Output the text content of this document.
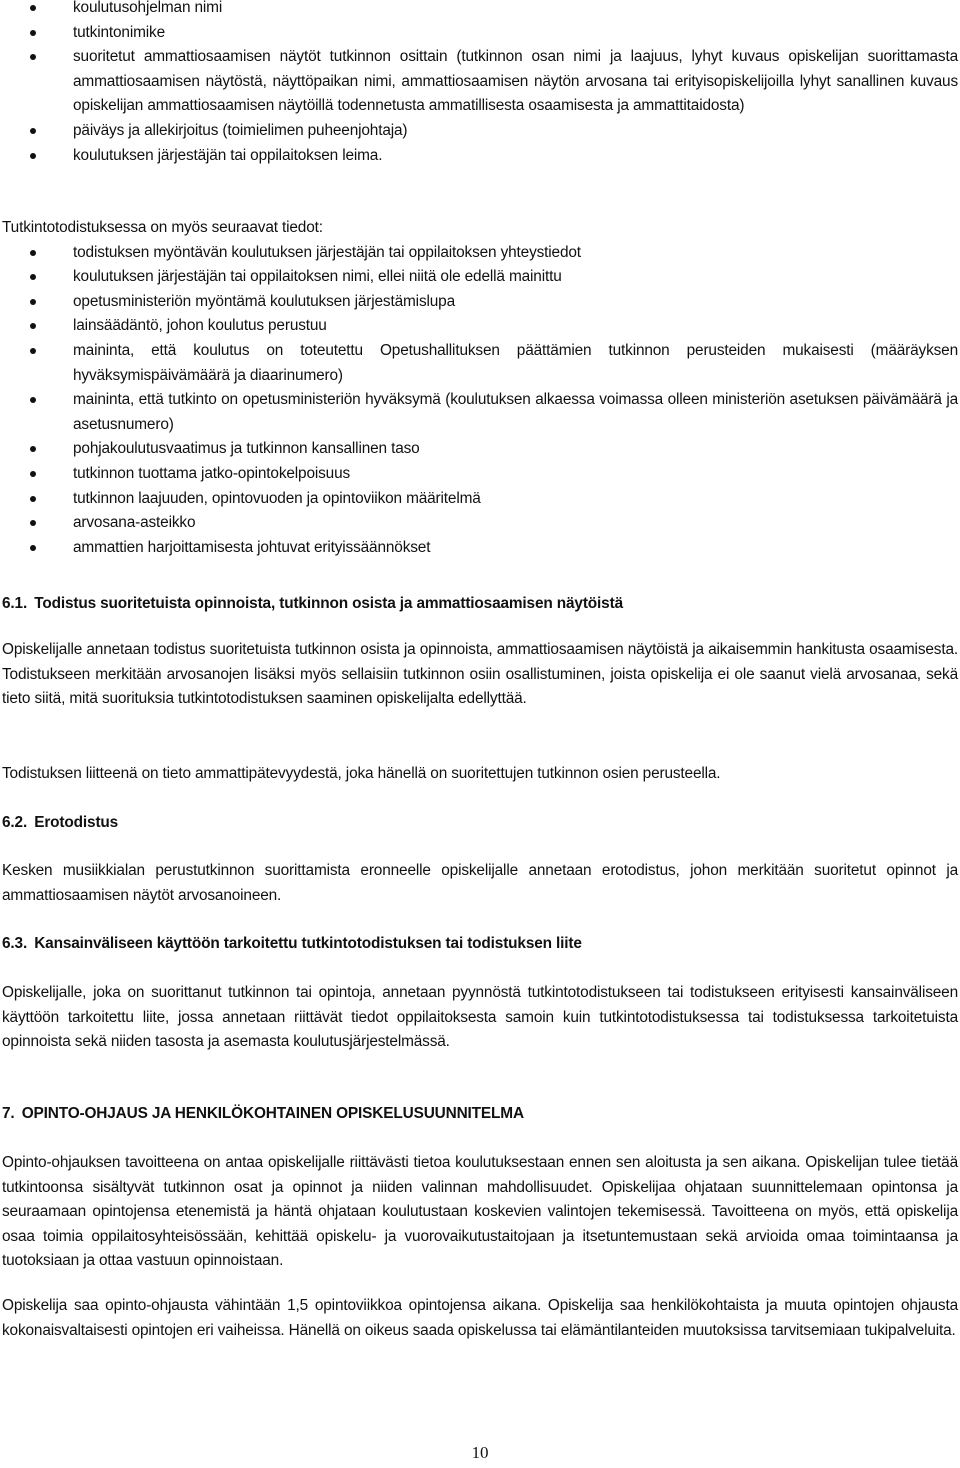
koulutusohjelman nimi
tutkintonimike
suoritetut ammattiosaamisen näytöt tutkinnon osittain (tutkinnon osan nimi ja laajuus, lyhyt kuvaus opiskelijan suorittamasta ammattiosaamisen näytöstä, näyttöpaikan nimi, ammattiosaamisen näytön arvosana tai erityisopiskelijoilla lyhyt sanallinen kuvaus opiskelijan ammattiosaamisen näytöillä todennetusta ammatillisesta osaamisesta ja ammattitaidosta)
päiväys ja allekirjoitus (toimielimen puheenjohtaja)
koulutuksen järjestäjän tai oppilaitoksen leima.

Tutkintotodistuksessa on myös seuraavat tiedot:

todistuksen myöntävän koulutuksen järjestäjän tai oppilaitoksen yhteystiedot
koulutuksen järjestäjän tai oppilaitoksen nimi, ellei niitä ole edellä mainittu
opetusministeriön myöntämä koulutuksen järjestämislupa
lainsäädäntö, johon koulutus perustuu
maininta, että koulutus on toteutettu Opetushallituksen päättämien tutkinnon perusteiden mukaisesti (määräyksen hyväksymispäivämäärä ja diaarinumero)
maininta, että tutkinto on opetusministeriön hyväksymä (koulutuksen alkaessa voimassa olleen ministeriön asetuksen päivämäärä ja asetusnumero)
pohjakoulutusvaatimus ja tutkinnon kansallinen taso
tutkinnon tuottama jatko-opintokelpoisuus
tutkinnon laajuuden, opintovuoden ja opintoviikon määritelmä
arvosana-asteikko
ammattien harjoittamisesta johtuvat erityissäännökset
6.1. Todistus suoritetuista opinnoista, tutkinnon osista ja ammattiosaamisen näytöistä

Opiskelijalle annetaan todistus suoritetuista tutkinnon osista ja opinnoista, ammattiosaamisen näytöistä ja aikaisemmin hankitusta osaamisesta. Todistukseen merkitään arvosanojen lisäksi myös sellaisiin tutkinnon osiin osallistuminen, joista opiskelija ei ole saanut vielä arvosanaa, sekä tieto siitä, mitä suorituksia tutkintotodistuksen saaminen opiskelijalta edellyttää.

Todistuksen liitteenä on tieto ammattipätevyydestä, joka hänellä on suoritettujen tutkinnon osien perusteella.

6.2. Erotodistus

Kesken musiikkialan perustutkinnon suorittamista eronneelle opiskelijalle annetaan erotodistus, johon merkitään suoritetut opinnot ja ammattiosaamisen näytöt arvosanoineen.

6.3. Kansainväliseen käyttöön tarkoitettu tutkintotodistuksen tai todistuksen liite

Opiskelijalle, joka on suorittanut tutkinnon tai opintoja, annetaan pyynnöstä tutkintotodistukseen tai todistukseen erityisesti kansainväliseen käyttöön tarkoitettu liite, jossa annetaan riittävät tiedot oppilaitoksesta samoin kuin tutkintotodistuksessa tai todistuksessa tarkoitetuista opinnoista sekä niiden tasosta ja asemasta koulutusjärjestelmässä.

7. OPINTO-OHJAUS JA HENKILÖKOHTAINEN OPISKELUSUUNNITELMA

Opinto-ohjauksen tavoitteena on antaa opiskelijalle riittävästi tietoa koulutuksestaan ennen sen aloitusta ja sen aikana. Opiskelijan tulee tietää tutkintoonsa sisältyvät tutkinnon osat ja opinnot ja niiden valinnan mahdollisuudet. Opiskelijaa ohjataan suunnittelemaan opintonsa ja seuraamaan opintojensa etenemistä ja häntä ohjataan koulutustaan koskevien valintojen tekemisessä. Tavoitteena on myös, että opiskelija osaa toimia oppilaitosyhteisössään, kehittää opiskelu- ja vuorovaikutustaitojaan ja itsetuntemustaan sekä arvioida omaa toimintaansa ja tuotoksiaan ja ottaa vastuun opinnoistaan.

Opiskelija saa opinto-ohjausta vähintään 1,5 opintoviikkoa opintojensa aikana. Opiskelija saa henkilökohtaista ja muuta opintojen ohjausta kokonaisvaltaisesti opintojen eri vaiheissa. Hänellä on oikeus saada opiskelussa tai elämäntilanteiden muutoksissa tarvitsemiaan tukipalveluita.

10
